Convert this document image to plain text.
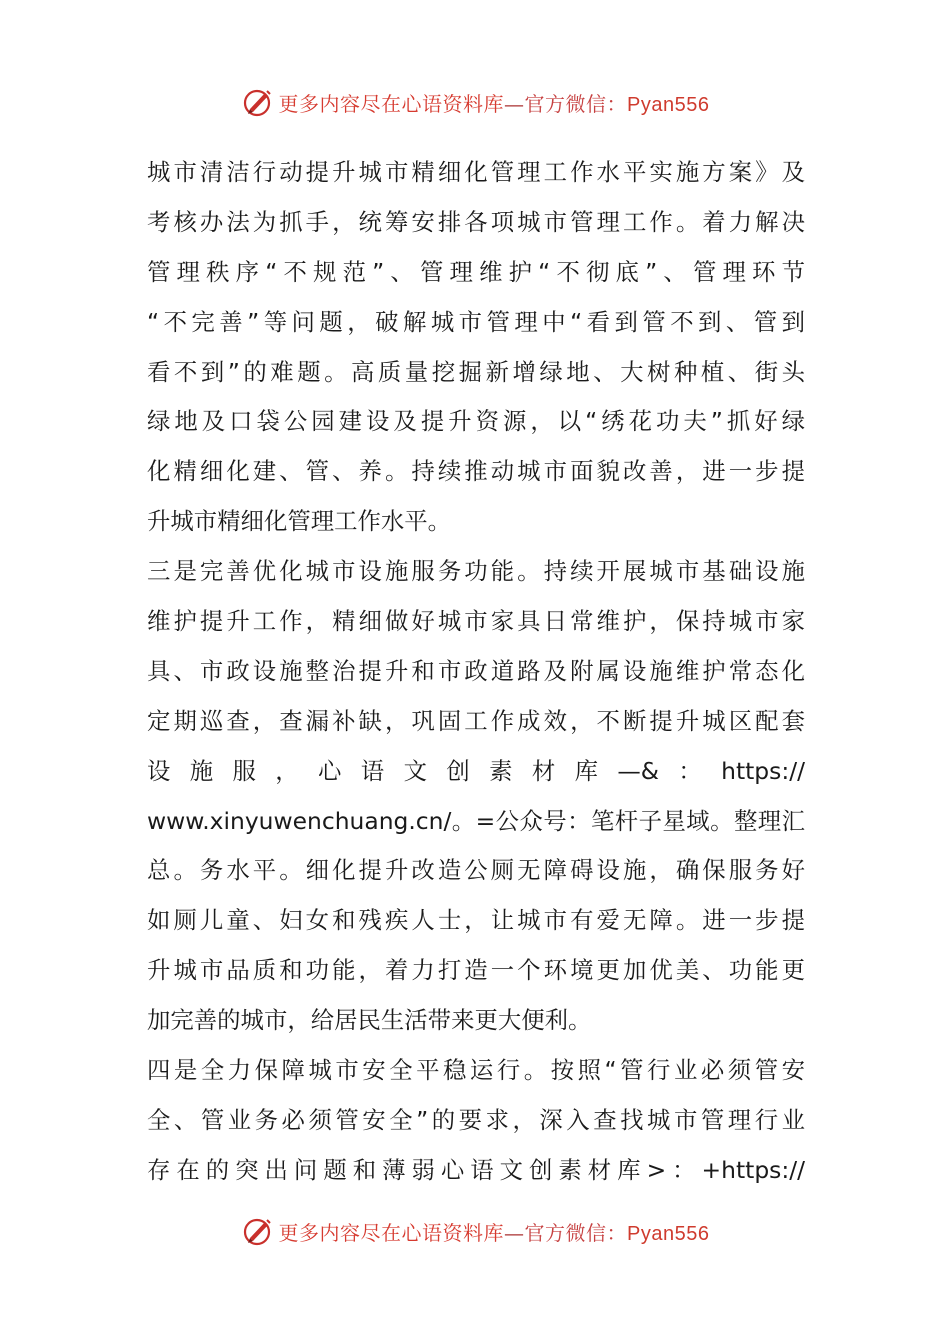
更多内容尽在心语资料库—官方微信：Pyan556
城市清洁行动提升城市精细化管理工作水平实施方案》及
考核办法为抓手，统筹安排各项城市管理工作。着力解决
管理秩序“不规范”、管理维护“不彻底”、管理环节
“不完善”等问题，破解城市管理中“看到管不到、管到
看不到”的难题。高质量挖掘新增绿地、大树种植、街头
绿地及口袋公园建设及提升资源，以“绣花功夫”抓好绿
化精细化建、管、养。持续推动城市面貌改善，进一步提
升城市精细化管理工作水平。
三是完善优化城市设施服务功能。持续开展城市基础设施
维护提升工作，精细做好城市家具日常维护，保持城市家
具、市政设施整治提升和市政道路及附属设施维护常态化
定期巡查，查漏补缺，巩固工作成效，不断提升城区配套
设施服，心语文创素材库—&：https://
www.xinyuwenchuang.cn/。=公众号：笔杆子星域。整理汇
总。务水平。细化提升改造公厕无障碍设施，确保服务好
如厕儿童、妇女和残疾人士，让城市有爱无障。进一步提
升城市品质和功能，着力打造一个环境更加优美、功能更
加完善的城市，给居民生活带来更大便利。
四是全力保障城市安全平稳运行。按照“管行业必须管安
全、管业务必须管安全”的要求，深入查找城市管理行业
存在的突出问题和薄弱心语文创素材库>：+https://
更多内容尽在心语资料库—官方微信：Pyan556
